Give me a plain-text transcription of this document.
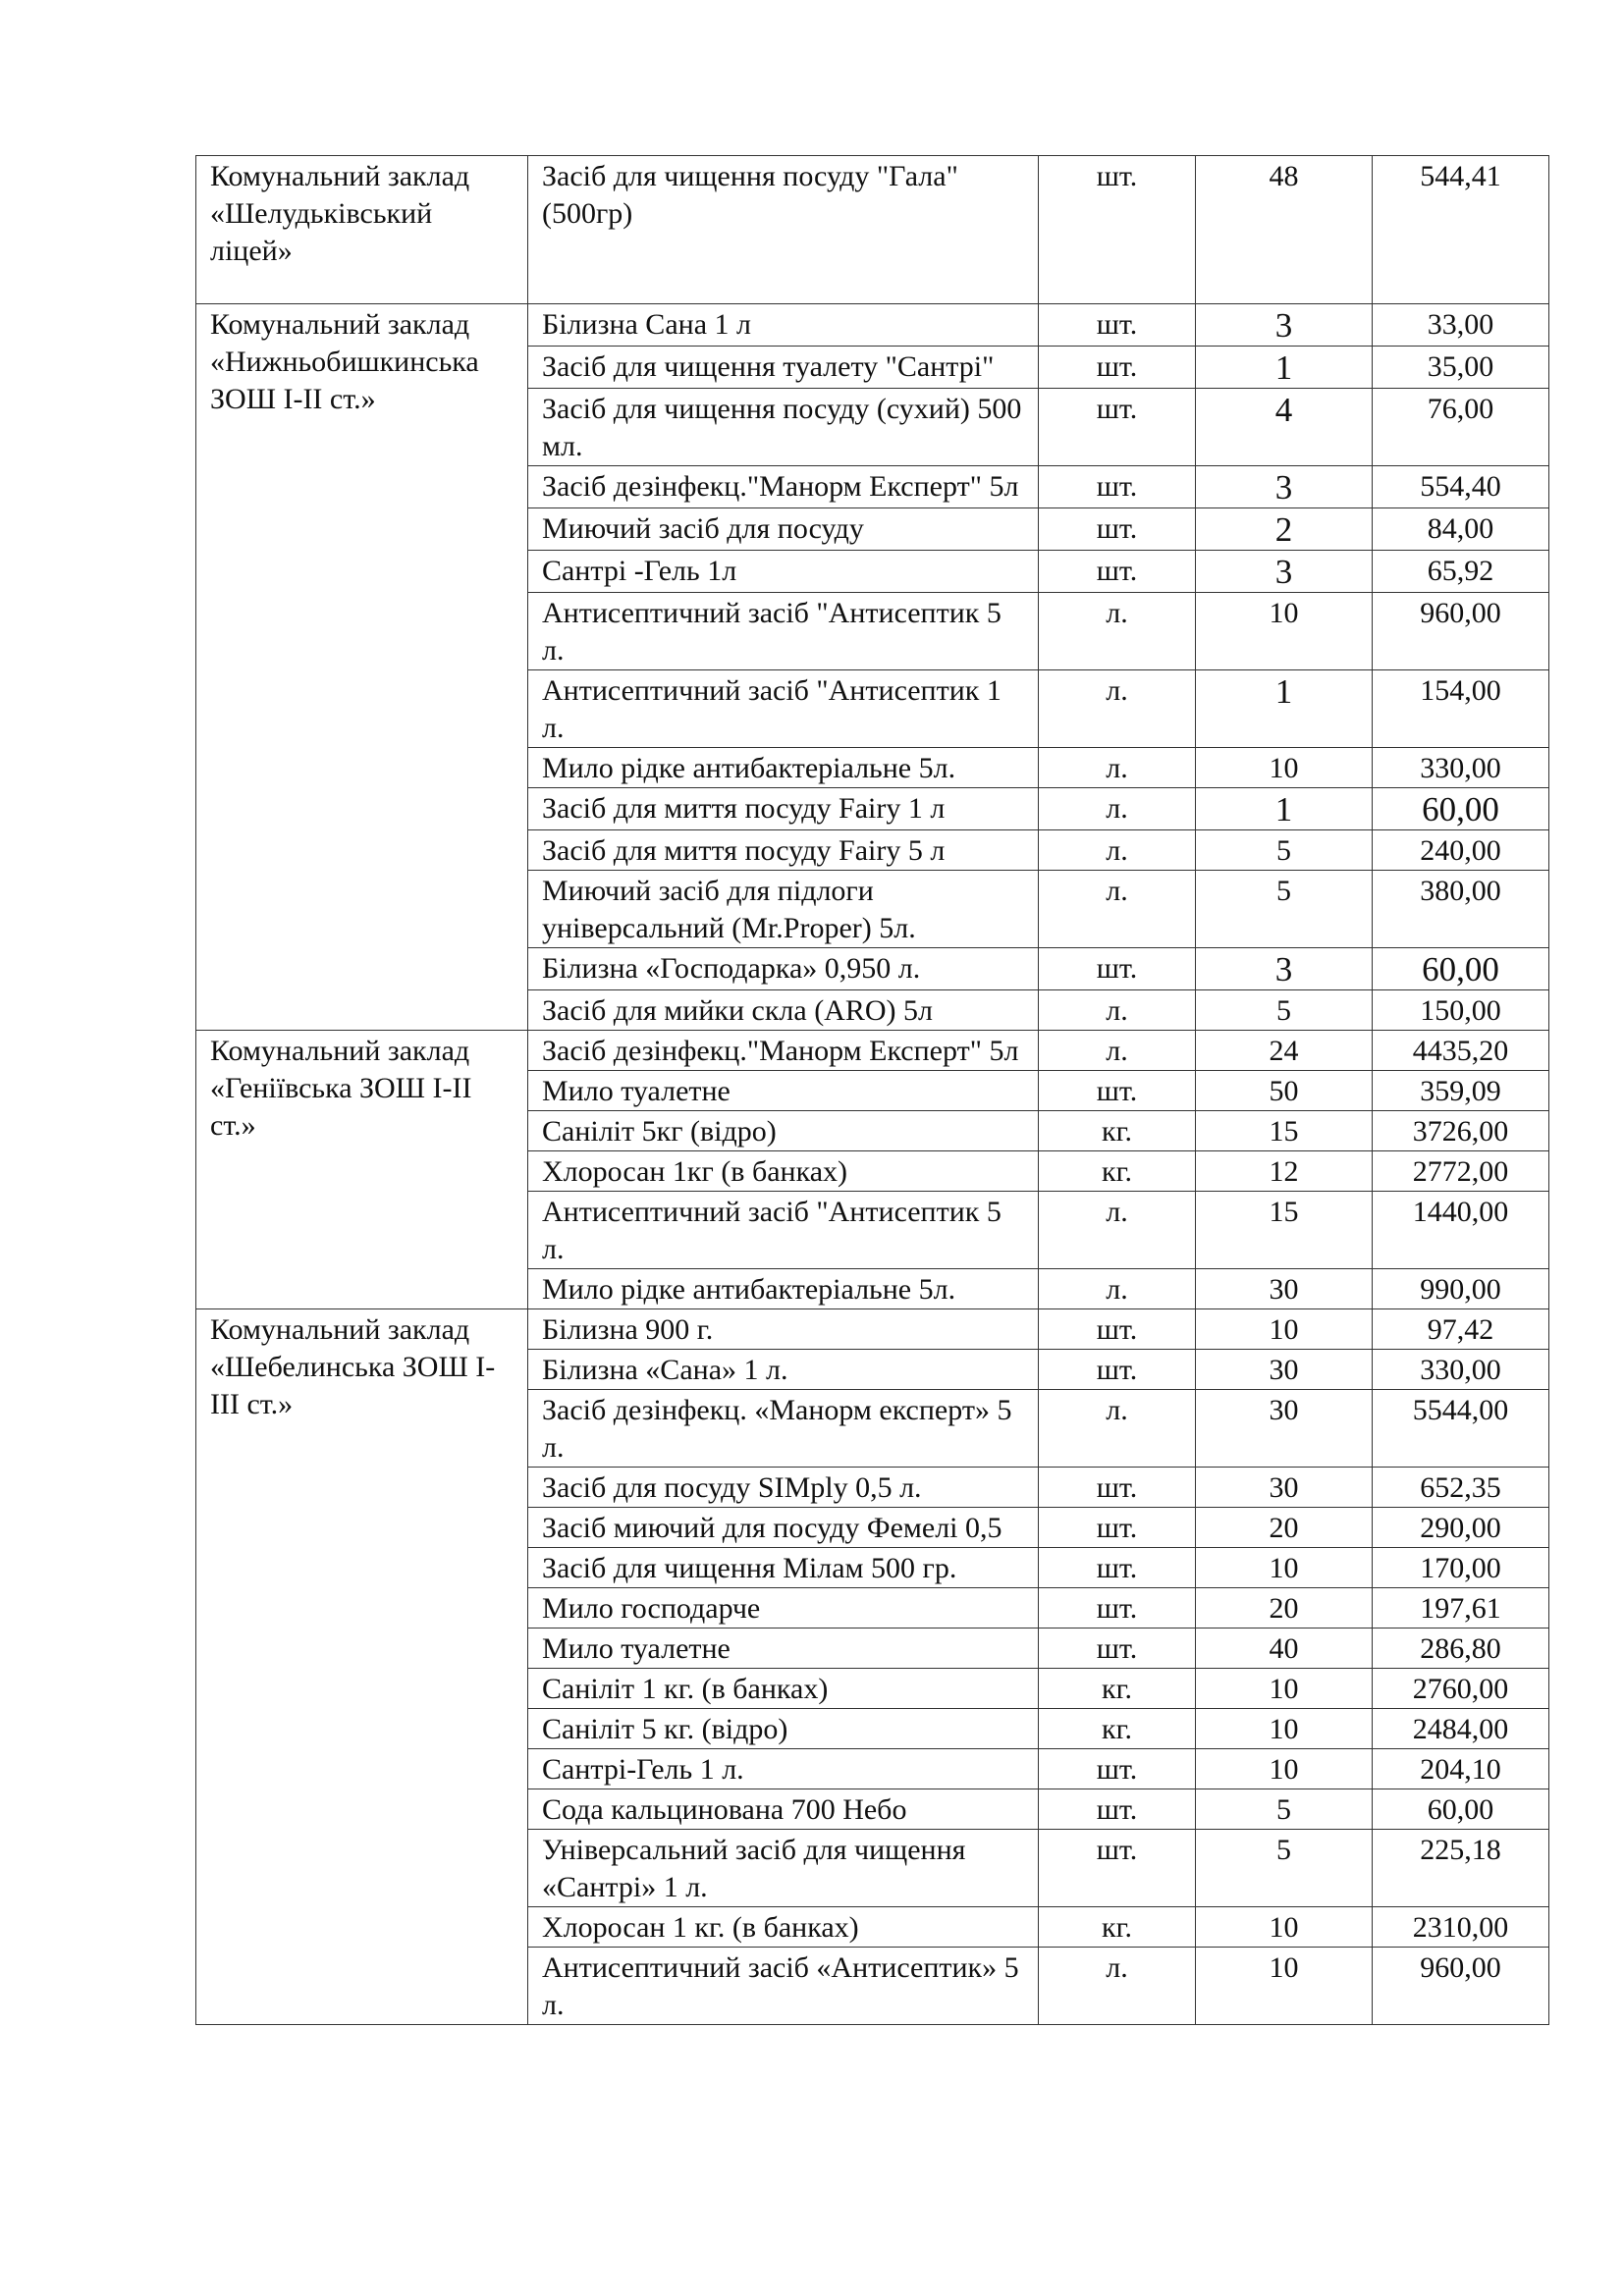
Комунальний заклад «Шелудьківський ліцей»	Засіб для чищення посуду "Гала" (500гр)	шт.	48	544,41
Комунальний заклад «Нижньобишкинська ЗОШ І-ІІ ст.»	Білизна Сана 1 л	шт.	3	33,00
	Засіб для чищення туалету "Сантрі"	шт.	1	35,00
	Засіб для чищення посуду (сухий) 500 мл.	шт.	4	76,00
	Засіб дезінфекц."Манорм Експерт" 5л	шт.	3	554,40
	Миючий засіб для посуду	шт.	2	84,00
	Сантрі -Гель 1л	шт.	3	65,92
	Антисептичний засіб "Антисептик 5 л.	л.	10	960,00
	Антисептичний засіб "Антисептик 1 л.	л.	1	154,00
	Мило рідке антибактеріальне 5л.	л.	10	330,00
	Засіб для миття посуду Fairy 1 л	л.	1	60,00
	Засіб для миття посуду Fairy 5 л	л.	5	240,00
	Миючий засіб для підлоги універсальний (Mr.Proper) 5л.	л.	5	380,00
	Білизна «Господарка» 0,950 л.	шт.	3	60,00
	Засіб для мийки скла (ARO) 5л	л.	5	150,00
Комунальний заклад «Геніївська ЗОШ І-ІІ ст.»	Засіб дезінфекц."Манорм Експерт" 5л	л.	24	4435,20
	Мило туалетне	шт.	50	359,09
	Саніліт 5кг (відро)	кг.	15	3726,00
	Хлоросан 1кг (в банках)	кг.	12	2772,00
	Антисептичний засіб "Антисептик 5 л.	л.	15	1440,00
	Мило рідке антибактеріальне 5л.	л.	30	990,00
Комунальний заклад «Шебелинська ЗОШ І-ІІІ ст.»	Білизна 900 г.	шт.	10	97,42
	Білизна «Сана» 1 л.	шт.	30	330,00
	Засіб дезінфекц. «Манорм експерт» 5 л.	л.	30	5544,00
	Засіб для посуду SIMply 0,5 л.	шт.	30	652,35
	Засіб миючий для посуду Фемелі 0,5	шт.	20	290,00
	Засіб для чищення Мілам 500 гр.	шт.	10	170,00
	Мило господарче	шт.	20	197,61
	Мило туалетне	шт.	40	286,80
	Саніліт 1 кг. (в банках)	кг.	10	2760,00
	Саніліт 5 кг. (відро)	кг.	10	2484,00
	Сантрі-Гель 1 л.	шт.	10	204,10
	Сода кальцинована 700 Небо	шт.	5	60,00
	Універсальний засіб для чищення «Сантрі» 1 л.	шт.	5	225,18
	Хлоросан 1 кг. (в банках)	кг.	10	2310,00
	Антисептичний засіб «Антисептик» 5 л.	л.	10	960,00
